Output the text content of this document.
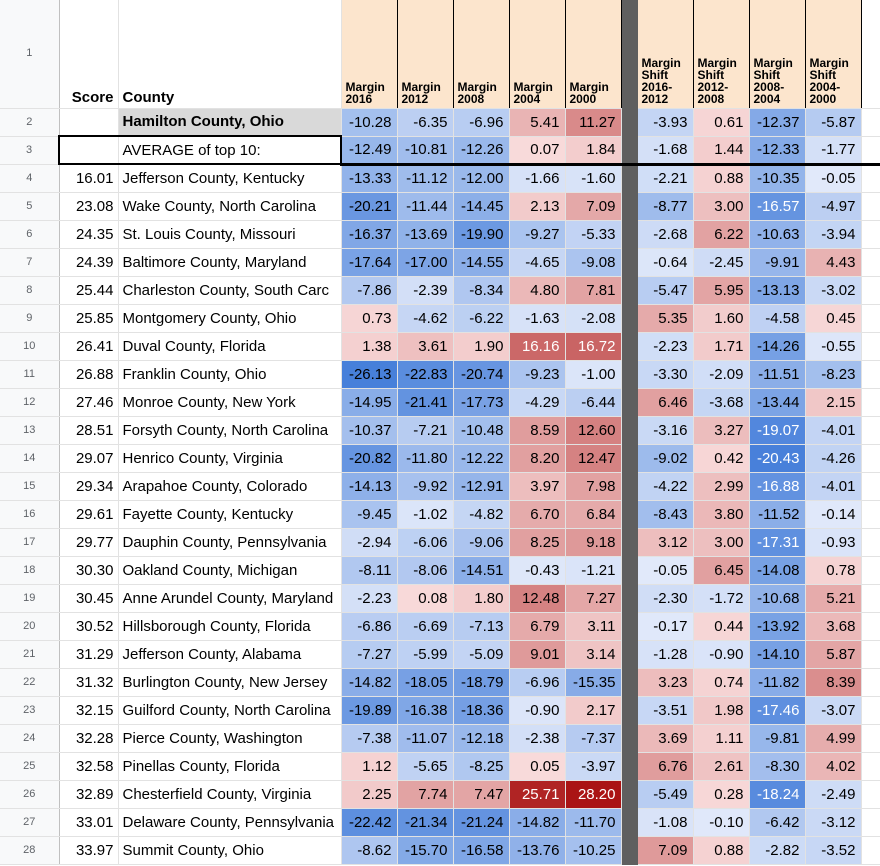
1	Score	County	Margin 2016	Margin 2012	Margin 2008	Margin 2004	Margin 2000		Margin Shift 2016-2012	Margin Shift 2012-2008	Margin Shift 2008-2004	Margin Shift 2004-2000	
2		Hamilton County, Ohio	-10.28	-6.35	-6.96	5.41	11.27		-3.93	0.61	-12.37	-5.87	
3		AVERAGE of top 10:	-12.49	-10.81	-12.26	0.07	1.84		-1.68	1.44	-12.33	-1.77	
4	16.01	Jefferson County, Kentucky	-13.33	-11.12	-12.00	-1.66	-1.60		-2.21	0.88	-10.35	-0.05	
5	23.08	Wake County, North Carolina	-20.21	-11.44	-14.45	2.13	7.09		-8.77	3.00	-16.57	-4.97	
6	24.35	St. Louis County, Missouri	-16.37	-13.69	-19.90	-9.27	-5.33		-2.68	6.22	-10.63	-3.94	
7	24.39	Baltimore County, Maryland	-17.64	-17.00	-14.55	-4.65	-9.08		-0.64	-2.45	-9.91	4.43	
8	25.44	Charleston County, South Carc	-7.86	-2.39	-8.34	4.80	7.81		-5.47	5.95	-13.13	-3.02	
9	25.85	Montgomery County, Ohio	0.73	-4.62	-6.22	-1.63	-2.08		5.35	1.60	-4.58	0.45	
10	26.41	Duval County, Florida	1.38	3.61	1.90	16.16	16.72		-2.23	1.71	-14.26	-0.55	
11	26.88	Franklin County, Ohio	-26.13	-22.83	-20.74	-9.23	-1.00		-3.30	-2.09	-11.51	-8.23	
12	27.46	Monroe County, New York	-14.95	-21.41	-17.73	-4.29	-6.44		6.46	-3.68	-13.44	2.15	
13	28.51	Forsyth County, North Carolina	-10.37	-7.21	-10.48	8.59	12.60		-3.16	3.27	-19.07	-4.01	
14	29.07	Henrico County, Virginia	-20.82	-11.80	-12.22	8.20	12.47		-9.02	0.42	-20.43	-4.26	
15	29.34	Arapahoe County, Colorado	-14.13	-9.92	-12.91	3.97	7.98		-4.22	2.99	-16.88	-4.01	
16	29.61	Fayette County, Kentucky	-9.45	-1.02	-4.82	6.70	6.84		-8.43	3.80	-11.52	-0.14	
17	29.77	Dauphin County, Pennsylvania	-2.94	-6.06	-9.06	8.25	9.18		3.12	3.00	-17.31	-0.93	
18	30.30	Oakland County, Michigan	-8.11	-8.06	-14.51	-0.43	-1.21		-0.05	6.45	-14.08	0.78	
19	30.45	Anne Arundel County, Maryland	-2.23	0.08	1.80	12.48	7.27		-2.30	-1.72	-10.68	5.21	
20	30.52	Hillsborough County, Florida	-6.86	-6.69	-7.13	6.79	3.11		-0.17	0.44	-13.92	3.68	
21	31.29	Jefferson County, Alabama	-7.27	-5.99	-5.09	9.01	3.14		-1.28	-0.90	-14.10	5.87	
22	31.32	Burlington County, New Jersey	-14.82	-18.05	-18.79	-6.96	-15.35		3.23	0.74	-11.82	8.39	
23	32.15	Guilford County, North Carolina	-19.89	-16.38	-18.36	-0.90	2.17		-3.51	1.98	-17.46	-3.07	
24	32.28	Pierce County, Washington	-7.38	-11.07	-12.18	-2.38	-7.37		3.69	1.11	-9.81	4.99	
25	32.58	Pinellas County, Florida	1.12	-5.65	-8.25	0.05	-3.97		6.76	2.61	-8.30	4.02	
26	32.89	Chesterfield County, Virginia	2.25	7.74	7.47	25.71	28.20		-5.49	0.28	-18.24	-2.49	
27	33.01	Delaware County, Pennsylvania	-22.42	-21.34	-21.24	-14.82	-11.70		-1.08	-0.10	-6.42	-3.12	
28	33.97	Summit County, Ohio	-8.62	-15.70	-16.58	-13.76	-10.25		7.09	0.88	-2.82	-3.52	
